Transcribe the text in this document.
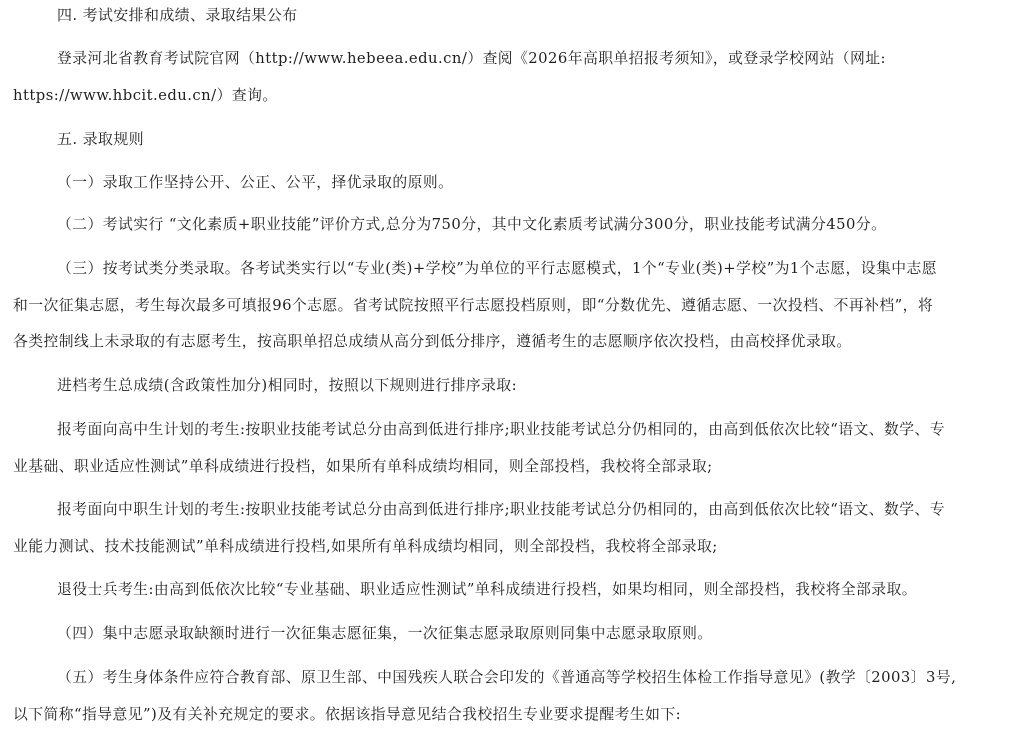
四. 考试安排和成绩、录取结果公布
登录河北省教育考试院官网（http://www.hebeea.edu.cn/）查阅《2026年高职单招报考须知》，或登录学校网站（网址:
https://www.hbcit.edu.cn/）查询。
五. 录取规则
（一）录取工作坚持公开、公正、公平，择优录取的原则。
（二）考试实行 “文化素质+职业技能”评价方式,总分为750分，其中文化素质考试满分300分，职业技能考试满分450分。
（三）按考试类分类录取。各考试类实行以“专业(类)+学校”为单位的平行志愿模式，1个“专业(类)+学校”为1个志愿，设集中志愿
和一次征集志愿，考生每次最多可填报96个志愿。省考试院按照平行志愿投档原则，即“分数优先、遵循志愿、一次投档、不再补档”，将
各类控制线上未录取的有志愿考生，按高职单招总成绩从高分到低分排序，遵循考生的志愿顺序依次投档，由高校择优录取。
进档考生总成绩(含政策性加分)相同时，按照以下规则进行排序录取:
报考面向高中生计划的考生:按职业技能考试总分由高到低进行排序;职业技能考试总分仍相同的，由高到低依次比较“语文、数学、专
业基础、职业适应性测试”单科成绩进行投档，如果所有单科成绩均相同，则全部投档，我校将全部录取;
报考面向中职生计划的考生:按职业技能考试总分由高到低进行排序;职业技能考试总分仍相同的，由高到低依次比较“语文、数学、专
业能力测试、技术技能测试”单科成绩进行投档,如果所有单科成绩均相同，则全部投档，我校将全部录取;
退役士兵考生:由高到低依次比较“专业基础、职业适应性测试”单科成绩进行投档，如果均相同，则全部投档，我校将全部录取。
（四）集中志愿录取缺额时进行一次征集志愿征集，一次征集志愿录取原则同集中志愿录取原则。
（五）考生身体条件应符合教育部、原卫生部、中国残疾人联合会印发的《普通高等学校招生体检工作指导意见》(教学〔2003〕3号,
以下简称“指导意见”)及有关补充规定的要求。依据该指导意见结合我校招生专业要求提醒考生如下:
